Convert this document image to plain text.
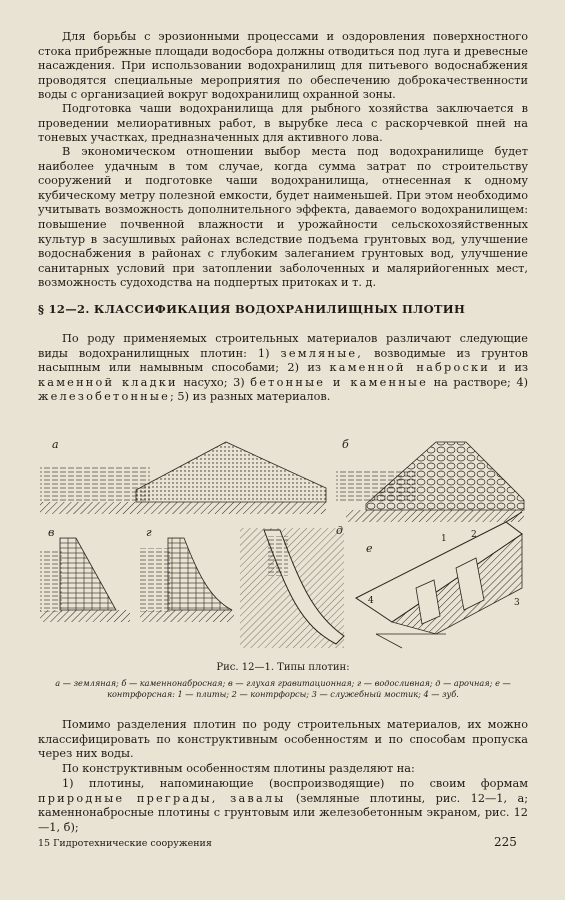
Для борьбы с эрозионными процессами и оздоровления поверхностного стока прибрежные площади водосбора должны отводиться под луга и древесные насаждения. При использовании водохранилищ для питьевого водоснабжения проводятся специальные мероприятия по обеспечению доброкачественности воды с организацией вокруг водохранилищ охранной зоны.

Подготовка чаши водохранилища для рыбного хозяйства заключается в проведении мелиоративных работ, в вырубке леса с раскорчевкой пней на тоневых участках, предназначенных для активного лова.

В экономическом отношении выбор места под водохранилище будет наиболее удачным в том случае, когда сумма затрат по строительству сооружений и подготовке чаши водохранилища, отнесенная к одному кубическому метру полезной емкости, будет наименьшей. При этом необходимо учитывать возможность дополнительного эффекта, даваемого водохранилищем: повышение почвенной влажности и урожайности сельскохозяйственных культур в засушливых районах вследствие подъема грунтовых вод, улучшение водоснабжения в районах с глубоким залеганием грунтовых вод, улучшение санитарных условий при затоплении заболоченных и малярийогенных мест, возможность судоходства на подпертых притоках и т. д.

§ 12—2. КЛАССИФИКАЦИЯ ВОДОХРАНИЛИЩНЫХ ПЛОТИН

По роду применяемых строительных материалов различают следующие виды водохранилищных плотин: 1) земляные, возводимые из грунтов насыпным или намывным способами; 2) из каменной наброски и из каменной кладки насухо; 3) бетонные и каменные на растворе; 4) железобетонные; 5) из разных материалов.

а	б
в	г	д
е
1	2
3
4

Рис. 12—1. Типы плотин:

а — земляная; б — каменнонабросная; в — глухая гравитационная; г — водосливная; д — арочная; е — контрфорсная: 1 — плиты; 2 — контрфорсы; 3 — служебный мостик; 4 — зуб.

Помимо разделения плотин по роду строительных материалов, их можно классифицировать по конструктивным особенностям и по способам пропуска через них воды.

По конструктивным особенностям плотины разделяют на:

1) плотины, напоминающие (воспроизводящие) по своим формам природные преграды, завалы (земляные плотины, рис. 12—1, а; каменнонабросные плотины с грунтовым или железобетонным экраном, рис. 12—1, б);

15 Гидротехнические сооружения	225
